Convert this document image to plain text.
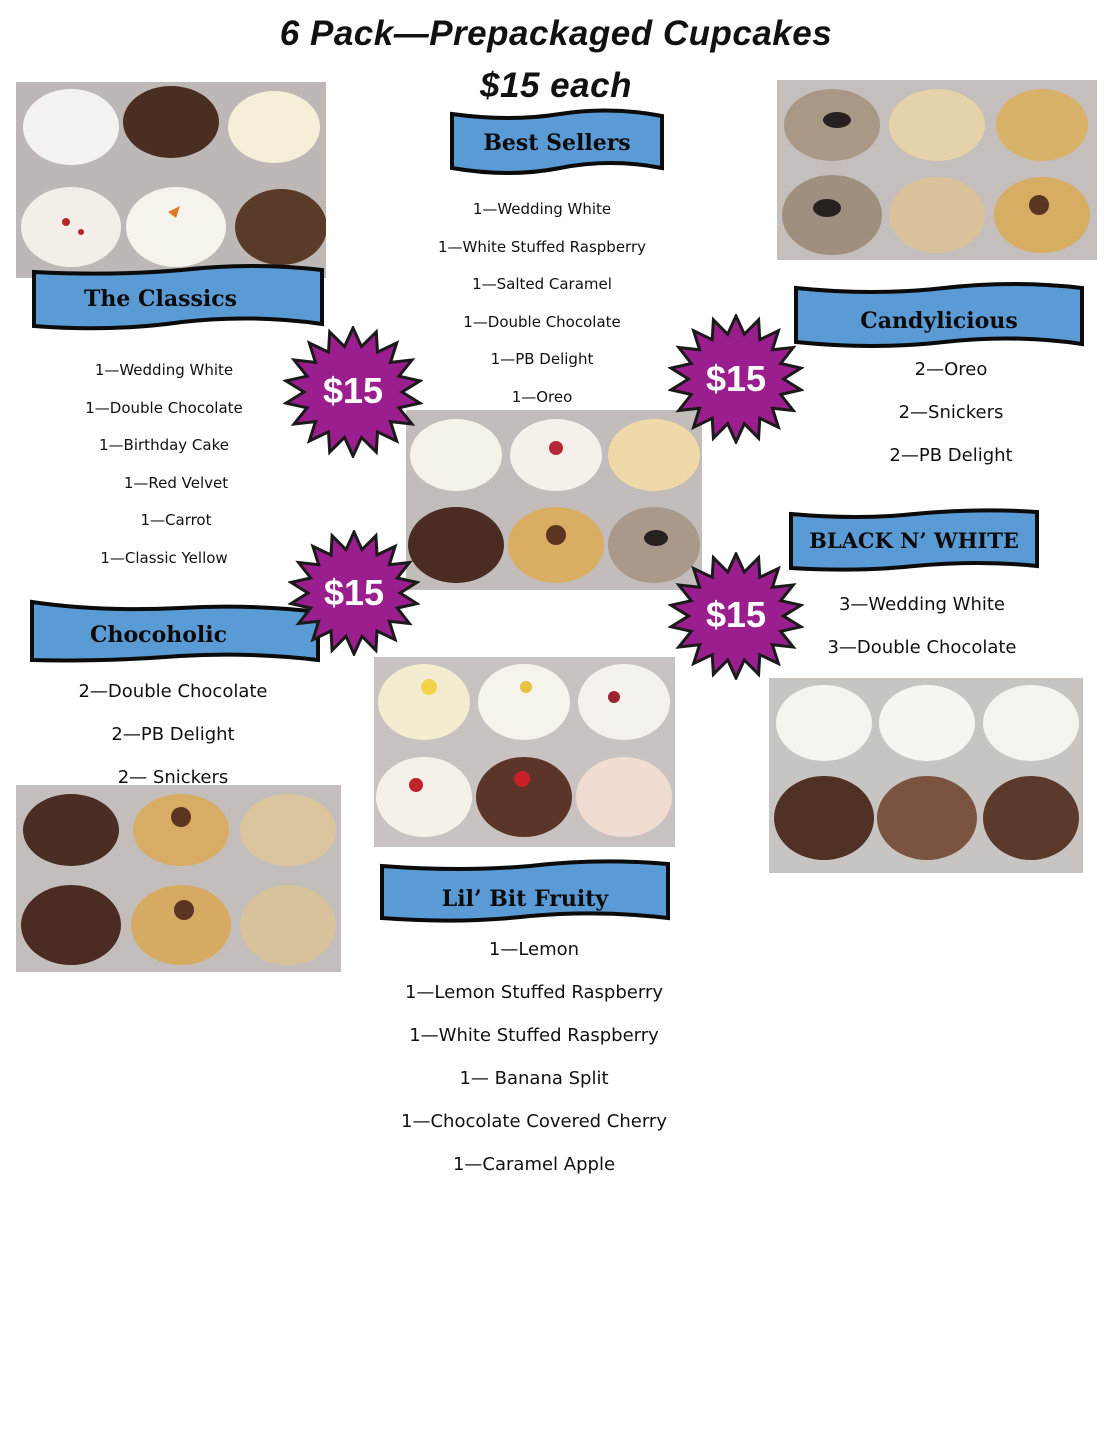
6 Pack—Prepackaged Cupcakes
$15 each
Best Sellers
The Classics
Candylicious
BLACK N’ WHITE
Chocoholic
Lil’ Bit Fruity
1—Wedding White
1—White Stuffed Raspberry
1—Salted Caramel
1—Double Chocolate
1—PB Delight
1—Oreo
1—Wedding White
1—Double Chocolate
1—Birthday Cake
1—Red Velvet
1—Carrot
1—Classic Yellow
2—Oreo
2—Snickers
2—PB Delight
3—Wedding White
3—Double Chocolate
2—Double Chocolate
2—PB Delight
2— Snickers
1—Lemon
1—Lemon Stuffed Raspberry
1—White Stuffed Raspberry
1— Banana Split
1—Chocolate Covered Cherry
1—Caramel Apple
$15	$15
$15
$15
